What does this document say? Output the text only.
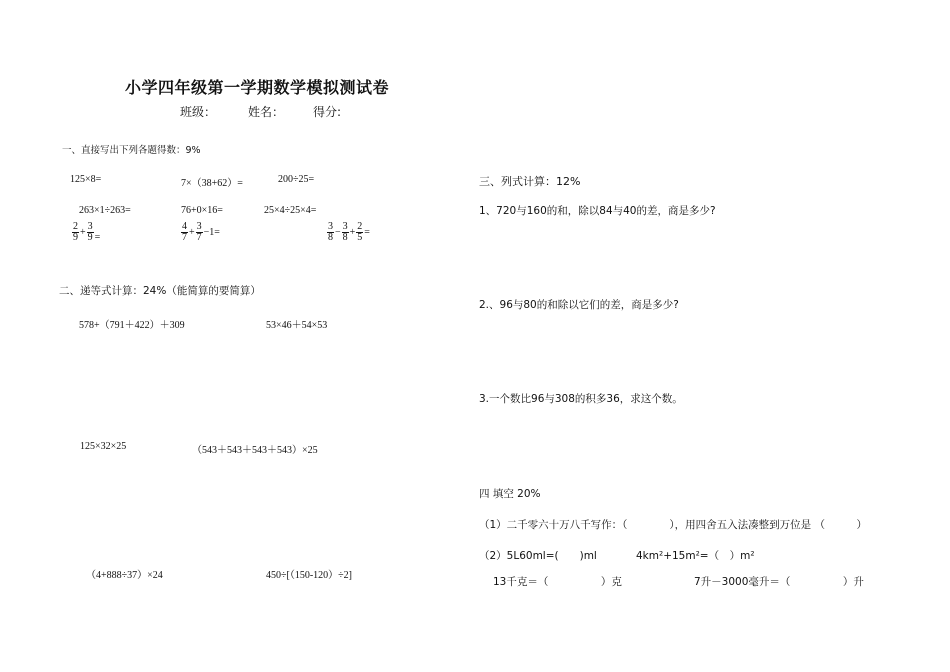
小学四年级第一学期数学模拟测试卷
班级：	姓名： 得分:
一、直接写出下列各题得数：9%
125×8=	7×（38+62）=	200÷25=
263×1÷263=	76+0×16=	25×4÷25×4=
$\frac{2}{9} + \frac{3}{9}$ =	$\frac{4}{7} + \frac{3}{7} -1=$	$\frac{3}{8} - \frac{3}{8} + \frac{2}{5}$ =
二、递等式计算：24%（能简算的要简算）
578+（791＋422）＋309	53×46＋54×53
125×32×25	（543＋543＋543＋543）×25
（4+888÷37）×24	450÷[（150-120）÷2]
三、列式计算：12%
1、720与160的和，除以84与40的差，商是多少?
2.、96与80的和除以它们的差，商是多少?
3.一个数比96与308的积多36，求这个数。
四 填空 20%
（1）二千零六十万八千写作：（　　　　），用四舍五入法凑整到万位是 （　　　）
（2）5L60ml=(　　)ml	4km²+15m²=（　）m²
13千克＝（　　　　　）克	7升－3000毫升＝（　　　　　）升
